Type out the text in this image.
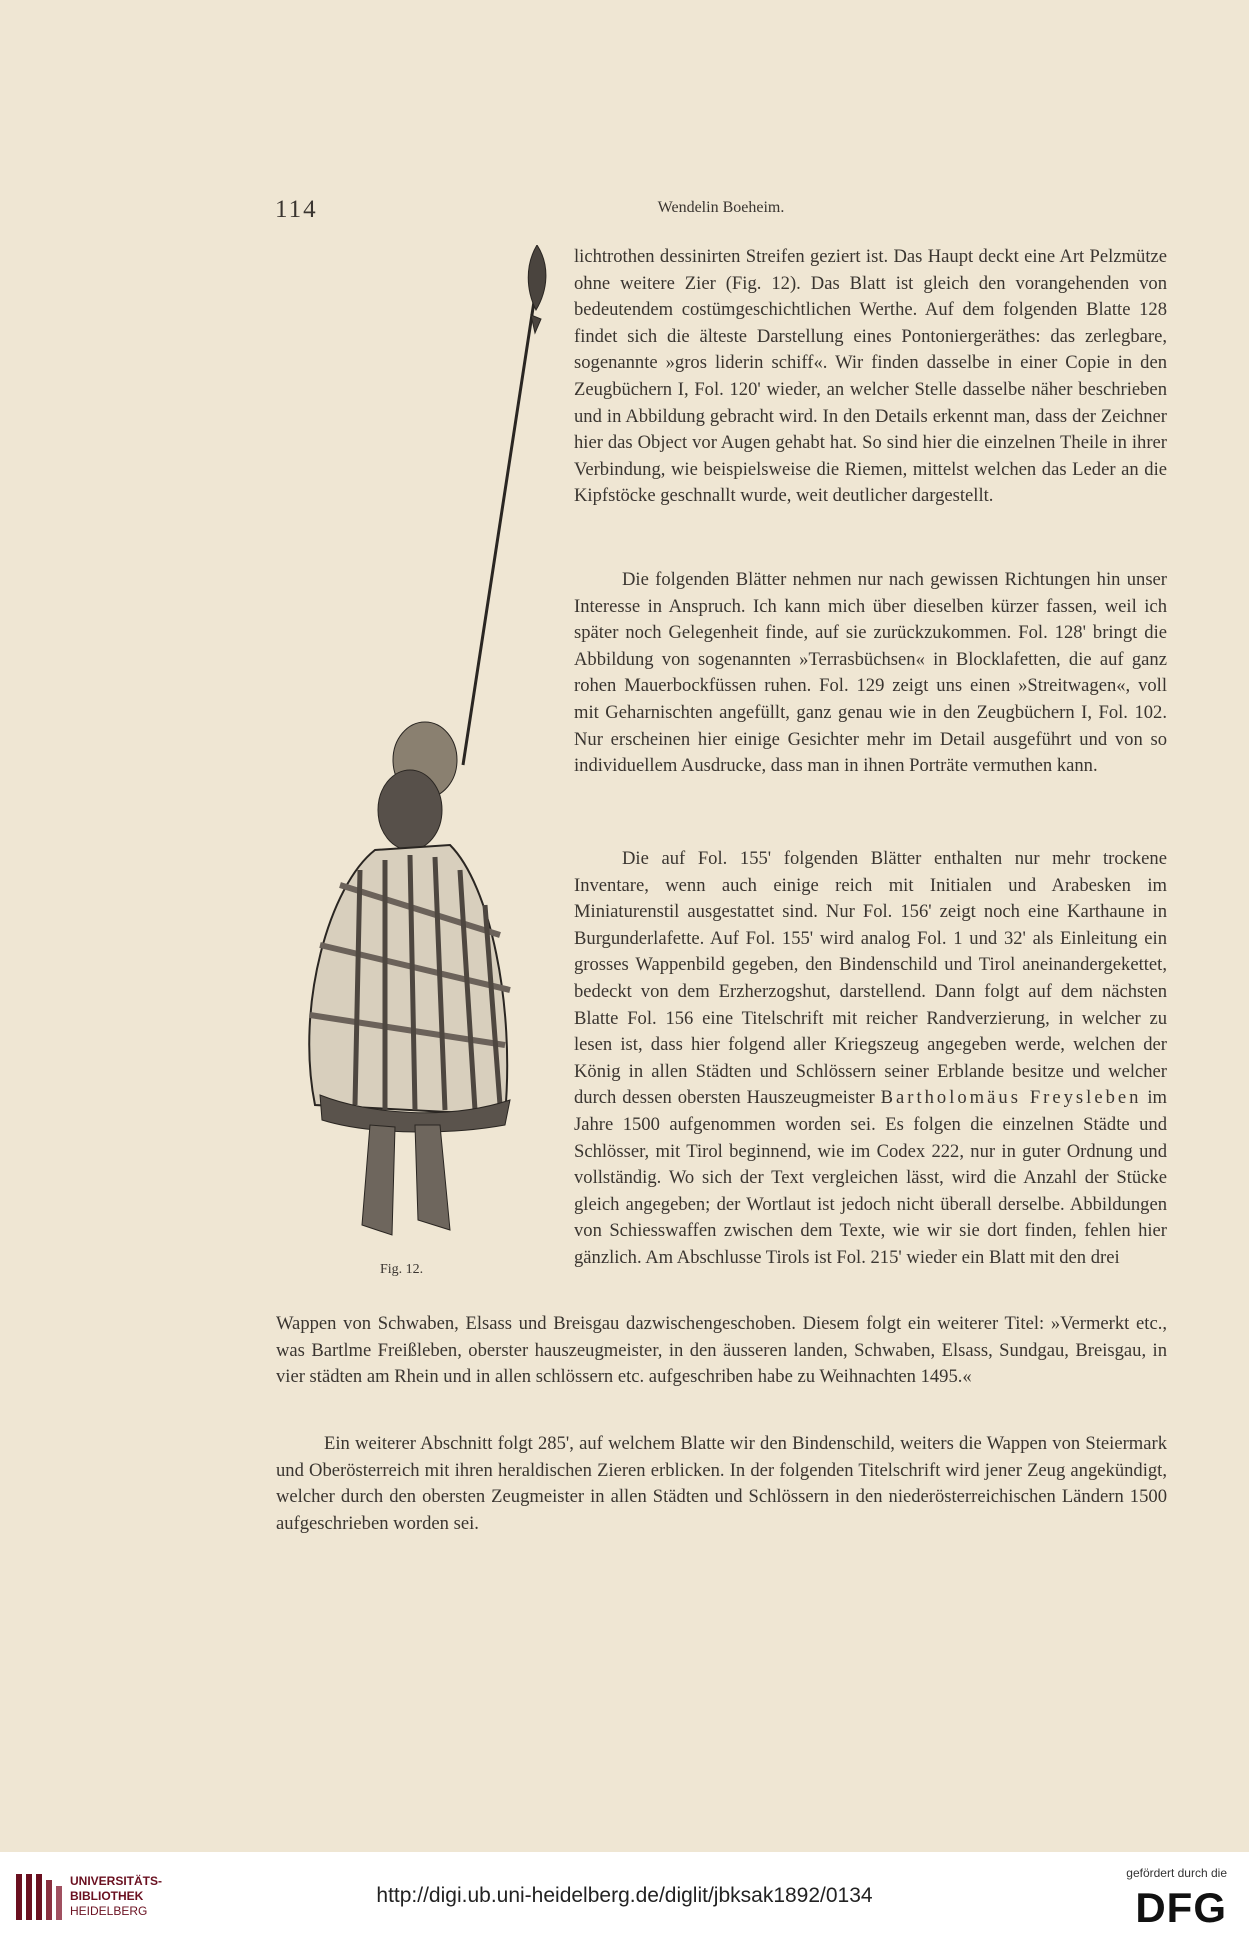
114	Wendelin Boeheim.

lichtrothen dessinirten Streifen geziert ist. Das Haupt deckt eine Art Pelzmütze ohne weitere Zier (Fig. 12). Das Blatt ist gleich den vorangehenden von bedeutendem costümgeschichtlichen Werthe. Auf dem folgenden Blatte 128 findet sich die älteste Darstellung eines Pontoniergeräthes: das zerlegbare, sogenannte »gros liderin schiff«. Wir finden dasselbe in einer Copie in den Zeugbüchern I, Fol. 120' wieder, an welcher Stelle dasselbe näher beschrieben und in Abbildung gebracht wird. In den Details erkennt man, dass der Zeichner hier das Object vor Augen gehabt hat. So sind hier die einzelnen Theile in ihrer Verbindung, wie beispielsweise die Riemen, mittelst welchen das Leder an die Kipfstöcke geschnallt wurde, weit deutlicher dargestellt.

Die folgenden Blätter nehmen nur nach gewissen Richtungen hin unser Interesse in Anspruch. Ich kann mich über dieselben kürzer fassen, weil ich später noch Gelegenheit finde, auf sie zurückzukommen. Fol. 128' bringt die Abbildung von sogenannten »Terrasbüchsen« in Blocklafetten, die auf ganz rohen Mauerbockfüssen ruhen. Fol. 129 zeigt uns einen »Streitwagen«, voll mit Geharnischten angefüllt, ganz genau wie in den Zeugbüchern I, Fol. 102. Nur erscheinen hier einige Gesichter mehr im Detail ausgeführt und von so individuellem Ausdrucke, dass man in ihnen Porträte vermuthen kann.

Die auf Fol. 155' folgenden Blätter enthalten nur mehr trockene Inventare, wenn auch einige reich mit Initialen und Arabesken im Miniaturenstil ausgestattet sind. Nur Fol. 156' zeigt noch eine Karthaune in Burgunderlafette. Auf Fol. 155' wird analog Fol. 1 und 32' als Einleitung ein grosses Wappenbild gegeben, den Bindenschild und Tirol aneinandergekettet, bedeckt von dem Erzherzogshut, darstellend. Dann folgt auf dem nächsten Blatte Fol. 156 eine Titelschrift mit reicher Randverzierung, in welcher zu lesen ist, dass hier folgend aller Kriegszeug angegeben werde, welchen der König in allen Städten und Schlössern seiner Erblande besitze und welcher durch dessen obersten Hauszeugmeister Bartholomäus Freysleben im Jahre 1500 aufgenommen worden sei. Es folgen die einzelnen Städte und Schlösser, mit Tirol beginnend, wie im Codex 222, nur in guter Ordnung und vollständig. Wo sich der Text vergleichen lässt, wird die Anzahl der Stücke gleich angegeben; der Wortlaut ist jedoch nicht überall derselbe. Abbildungen von Schiesswaffen zwischen dem Texte, wie wir sie dort finden, fehlen hier gänzlich. Am Abschlusse Tirols ist Fol. 215' wieder ein Blatt mit den drei

Wappen von Schwaben, Elsass und Breisgau dazwischengeschoben. Diesem folgt ein weiterer Titel: »Vermerkt etc., was Bartlme Freißleben, oberster hauszeugmeister, in den äusseren landen, Schwaben, Elsass, Sundgau, Breisgau, in vier städten am Rhein und in allen schlössern etc. aufgeschriben habe zu Weihnachten 1495.«

Ein weiterer Abschnitt folgt 285', auf welchem Blatte wir den Bindenschild, weiters die Wappen von Steiermark und Oberösterreich mit ihren heraldischen Zieren erblicken. In der folgenden Titelschrift wird jener Zeug angekündigt, welcher durch den obersten Zeugmeister in allen Städten und Schlössern in den niederösterreichischen Ländern 1500 aufgeschrieben worden sei.

Fig. 12.
UNIVERSITÄTS-
BIBLIOTHEK
HEIDELBERG
http://digi.ub.uni-heidelberg.de/diglit/jbksak1892/0134
gefördert durch die
DFG
